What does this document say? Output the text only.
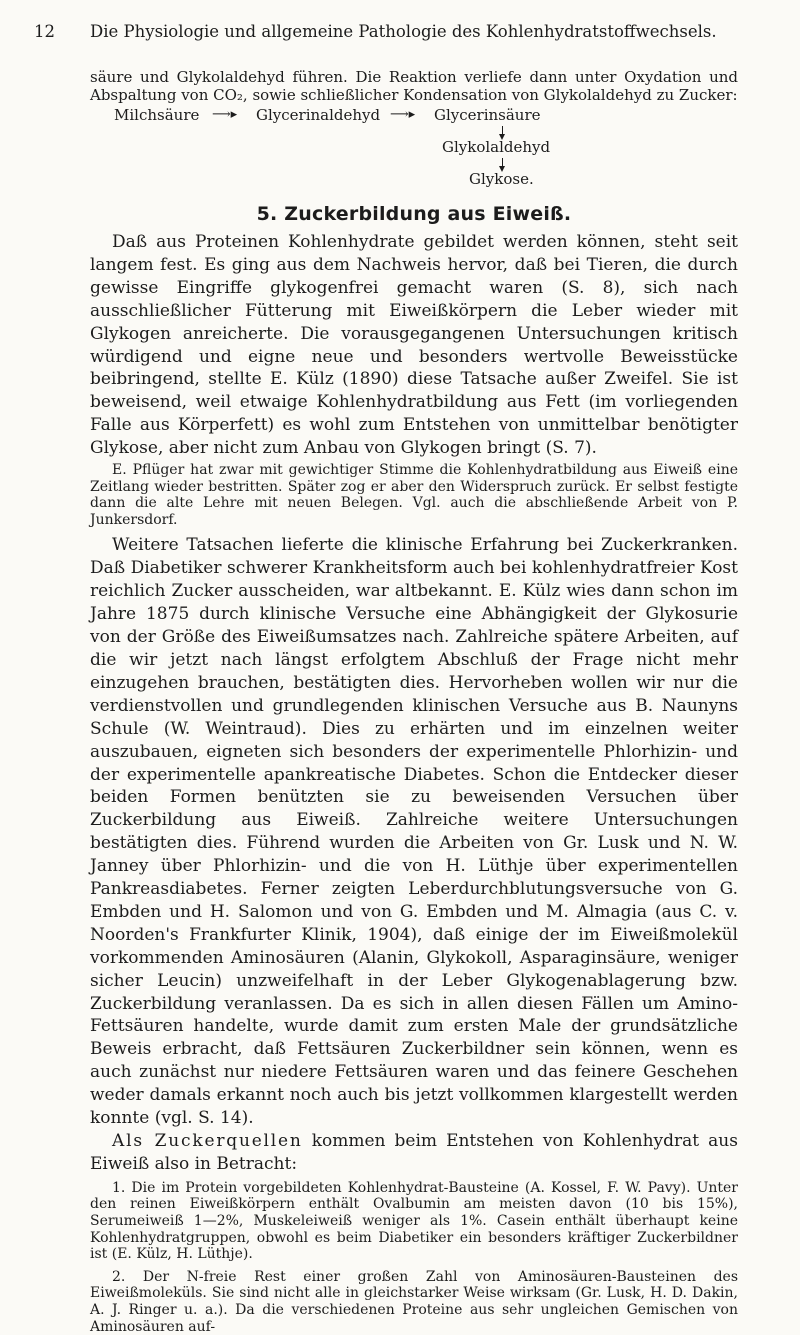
12 Die Physiologie und allgemeine Pathologie des Kohlenhydratstoffwechsels.

säure und Glykolaldehyd führen. Die Reaktion verliefe dann unter Oxydation und Abspaltung von CO₂, sowie schließlicher Kondensation von Glykolaldehyd zu Zucker:

Milchsäure ⟶▸ Glycerinaldehyd ⟶▸ Glycerinsäure
Glykolaldehyd
Glykose.
5. Zuckerbildung aus Eiweiß.

Daß aus Proteinen Kohlenhydrate gebildet werden können, steht seit langem fest. Es ging aus dem Nachweis hervor, daß bei Tieren, die durch gewisse Eingriffe glykogenfrei gemacht waren (S. 8), sich nach ausschließlicher Fütterung mit Eiweißkörpern die Leber wieder mit Glykogen anreicherte. Die vorausgegangenen Untersuchungen kritisch würdigend und eigne neue und besonders wertvolle Beweisstücke beibringend, stellte E. Külz (1890) diese Tatsache außer Zweifel. Sie ist beweisend, weil etwaige Kohlenhydratbildung aus Fett (im vorliegenden Falle aus Körperfett) es wohl zum Entstehen von unmittelbar benötigter Glykose, aber nicht zum Anbau von Glykogen bringt (S. 7).

E. Pflüger hat zwar mit gewichtiger Stimme die Kohlenhydratbildung aus Eiweiß eine Zeitlang wieder bestritten. Später zog er aber den Widerspruch zurück. Er selbst festigte dann die alte Lehre mit neuen Belegen. Vgl. auch die abschließende Arbeit von P. Junkersdorf.

Weitere Tatsachen lieferte die klinische Erfahrung bei Zuckerkranken. Daß Diabetiker schwerer Krankheitsform auch bei kohlenhydratfreier Kost reichlich Zucker ausscheiden, war altbekannt. E. Külz wies dann schon im Jahre 1875 durch klinische Versuche eine Abhängigkeit der Glykosurie von der Größe des Eiweißumsatzes nach. Zahlreiche spätere Arbeiten, auf die wir jetzt nach längst erfolgtem Abschluß der Frage nicht mehr einzugehen brauchen, bestätigten dies. Hervorheben wollen wir nur die verdienstvollen und grundlegenden klinischen Versuche aus B. Naunyns Schule (W. Weintraud). Dies zu erhärten und im einzelnen weiter auszubauen, eigneten sich besonders der experimentelle Phlorhizin- und der experimentelle apankreatische Diabetes. Schon die Entdecker dieser beiden Formen benützten sie zu beweisenden Versuchen über Zuckerbildung aus Eiweiß. Zahlreiche weitere Untersuchungen bestätigten dies. Führend wurden die Arbeiten von Gr. Lusk und N. W. Janney über Phlorhizin- und die von H. Lüthje über experimentellen Pankreasdiabetes. Ferner zeigten Leberdurchblutungsversuche von G. Embden und H. Salomon und von G. Embden und M. Almagia (aus C. v. Noorden's Frankfurter Klinik, 1904), daß einige der im Eiweißmolekül vorkommenden Aminosäuren (Alanin, Glykokoll, Asparaginsäure, weniger sicher Leucin) unzweifelhaft in der Leber Glykogenablagerung bzw. Zuckerbildung veranlassen. Da es sich in allen diesen Fällen um Amino-Fettsäuren handelte, wurde damit zum ersten Male der grundsätzliche Beweis erbracht, daß Fettsäuren Zuckerbildner sein können, wenn es auch zunächst nur niedere Fettsäuren waren und das feinere Geschehen weder damals erkannt noch auch bis jetzt vollkommen klargestellt werden konnte (vgl. S. 14).

Als Zuckerquellen kommen beim Entstehen von Kohlenhydrat aus Eiweiß also in Betracht:

1. Die im Protein vorgebildeten Kohlenhydrat-Bausteine (A. Kossel, F. W. Pavy). Unter den reinen Eiweißkörpern enthält Ovalbumin am meisten davon (10 bis 15%), Serumeiweiß 1—2%, Muskeleiweiß weniger als 1%. Casein enthält überhaupt keine Kohlenhydratgruppen, obwohl es beim Diabetiker ein besonders kräftiger Zuckerbildner ist (E. Külz, H. Lüthje).

2. Der N-freie Rest einer großen Zahl von Aminosäuren-Bausteinen des Eiweißmoleküls. Sie sind nicht alle in gleichstarker Weise wirksam (Gr. Lusk, H. D. Dakin, A. J. Ringer u. a.). Da die verschiedenen Proteine aus sehr ungleichen Gemischen von Aminosäuren auf-
